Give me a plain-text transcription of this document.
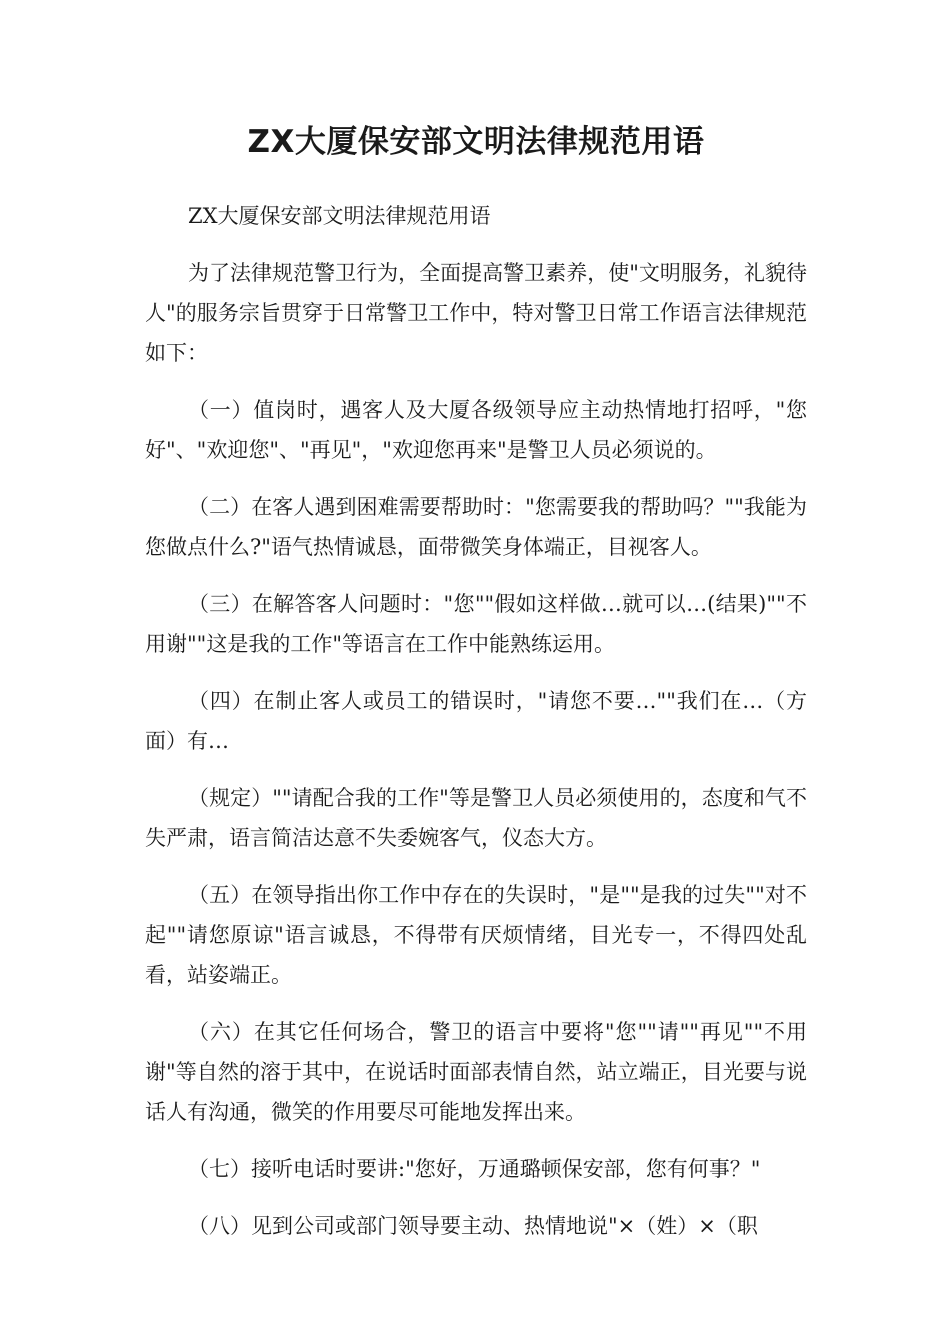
ZX大厦保安部文明法律规范用语

ZX大厦保安部文明法律规范用语

为了法律规范警卫行为，全面提高警卫素养，使"文明服务，礼貌待人"的服务宗旨贯穿于日常警卫工作中，特对警卫日常工作语言法律规范如下：

（一）值岗时，遇客人及大厦各级领导应主动热情地打招呼，"您好"、"欢迎您"、"再见"，"欢迎您再来"是警卫人员必须说的。

（二）在客人遇到困难需要帮助时："您需要我的帮助吗？""我能为您做点什么?"语气热情诚恳，面带微笑身体端正，目视客人。

（三）在解答客人问题时："您""假如这样做…就可以…(结果)""不用谢""这是我的工作"等语言在工作中能熟练运用。

（四）在制止客人或员工的错误时，"请您不要…""我们在…（方面）有…

（规定）""请配合我的工作"等是警卫人员必须使用的，态度和气不失严肃，语言简洁达意不失委婉客气，仪态大方。

（五）在领导指出你工作中存在的失误时，"是""是我的过失""对不起""请您原谅"语言诚恳，不得带有厌烦情绪，目光专一，不得四处乱看，站姿端正。

（六）在其它任何场合，警卫的语言中要将"您""请""再见""不用谢"等自然的溶于其中，在说话时面部表情自然，站立端正，目光要与说话人有沟通，微笑的作用要尽可能地发挥出来。

（七）接听电话时要讲:"您好，万通璐顿保安部，您有何事？"

（八）见到公司或部门领导要主动、热情地说"×（姓）×（职
